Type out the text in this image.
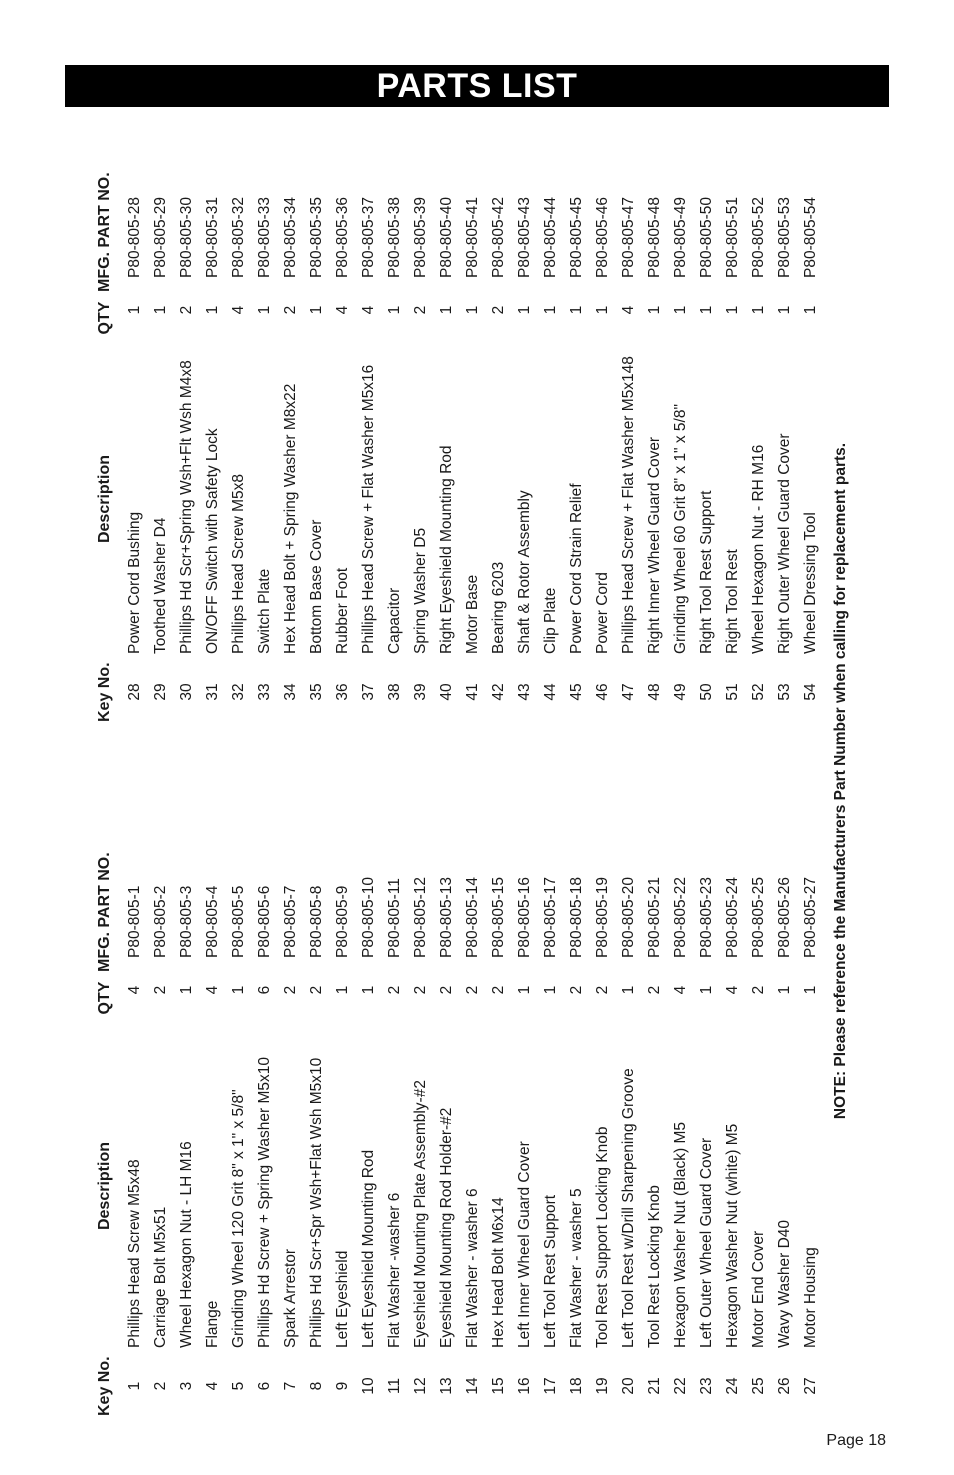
PARTS LIST
Key No.
Description
QTY
MFG. PART NO.
1
Phillips Head Screw M5x48
4
P80-805-1
2
Carriage Bolt M5x51
2
P80-805-2
3
Wheel Hexagon Nut - LH M16
1
P80-805-3
4
Flange
4
P80-805-4
5
Grinding Wheel 120 Grit 8" x 1" x 5/8"
1
P80-805-5
6
Phillips Hd Screw + Spring Washer M5x10
6
P80-805-6
7
Spark Arrestor
2
P80-805-7
8
Phillips Hd Scr+Spr Wsh+Flat Wsh M5x10
2
P80-805-8
9
Left Eyeshield
1
P80-805-9
10
Left Eyeshield Mounting Rod
1
P80-805-10
11
Flat Washer -washer 6
2
P80-805-11
12
Eyeshield Mounting Plate Assembly-#2
2
P80-805-12
13
Eyeshield Mounting Rod Holder-#2
2
P80-805-13
14
Flat Washer - washer 6
2
P80-805-14
15
Hex Head Bolt M6x14
2
P80-805-15
16
Left Inner Wheel Guard Cover
1
P80-805-16
17
Left Tool Rest Support
1
P80-805-17
18
Flat Washer - washer 5
2
P80-805-18
19
Tool Rest Support Locking Knob
2
P80-805-19
20
Left Tool Rest w/Drill Sharpening Groove
1
P80-805-20
21
Tool Rest Locking Knob
2
P80-805-21
22
Hexagon Washer Nut (Black) M5
4
P80-805-22
23
Left Outer Wheel Guard Cover
1
P80-805-23
24
Hexagon Washer Nut (white) M5
4
P80-805-24
25
Motor End Cover
2
P80-805-25
26
Wavy Washer D40
1
P80-805-26
27
Motor Housing
1
P80-805-27
Key No.
Description
QTY
MFG. PART NO.
28
Power Cord Bushing
1
P80-805-28
29
Toothed Washer D4
1
P80-805-29
30
Phillips Hd Scr+Spring Wsh+Flt Wsh M4x8
2
P80-805-30
31
ON/OFF Switch with Safety Lock
1
P80-805-31
32
Phillips Head Screw M5x8
4
P80-805-32
33
Switch Plate
1
P80-805-33
34
Hex Head Bolt + Spring Washer M8x22
2
P80-805-34
35
Bottom Base Cover
1
P80-805-35
36
Rubber Foot
4
P80-805-36
37
Phillips Head Screw + Flat Washer M5x16
4
P80-805-37
38
Capacitor
1
P80-805-38
39
Spring Washer D5
2
P80-805-39
40
Right Eyeshield Mounting Rod
1
P80-805-40
41
Motor Base
1
P80-805-41
42
Bearing 6203
2
P80-805-42
43
Shaft & Rotor Assembly
1
P80-805-43
44
Clip Plate
1
P80-805-44
45
Power Cord Strain Relief
1
P80-805-45
46
Power Cord
1
P80-805-46
47
Phillips Head Screw + Flat Washer M5x148
4
P80-805-47
48
Right Inner Wheel Guard Cover
1
P80-805-48
49
Grinding Wheel 60 Grit 8" x 1" x 5/8"
1
P80-805-49
50
Right Tool Rest Support
1
P80-805-50
51
Right Tool Rest
1
P80-805-51
52
Wheel Hexagon Nut - RH M16
1
P80-805-52
53
Right Outer Wheel Guard Cover
1
P80-805-53
54
Wheel Dressing Tool
1
P80-805-54
NOTE: Please reference the Manufacturers Part Number when calling for replacement parts.
Page 18
